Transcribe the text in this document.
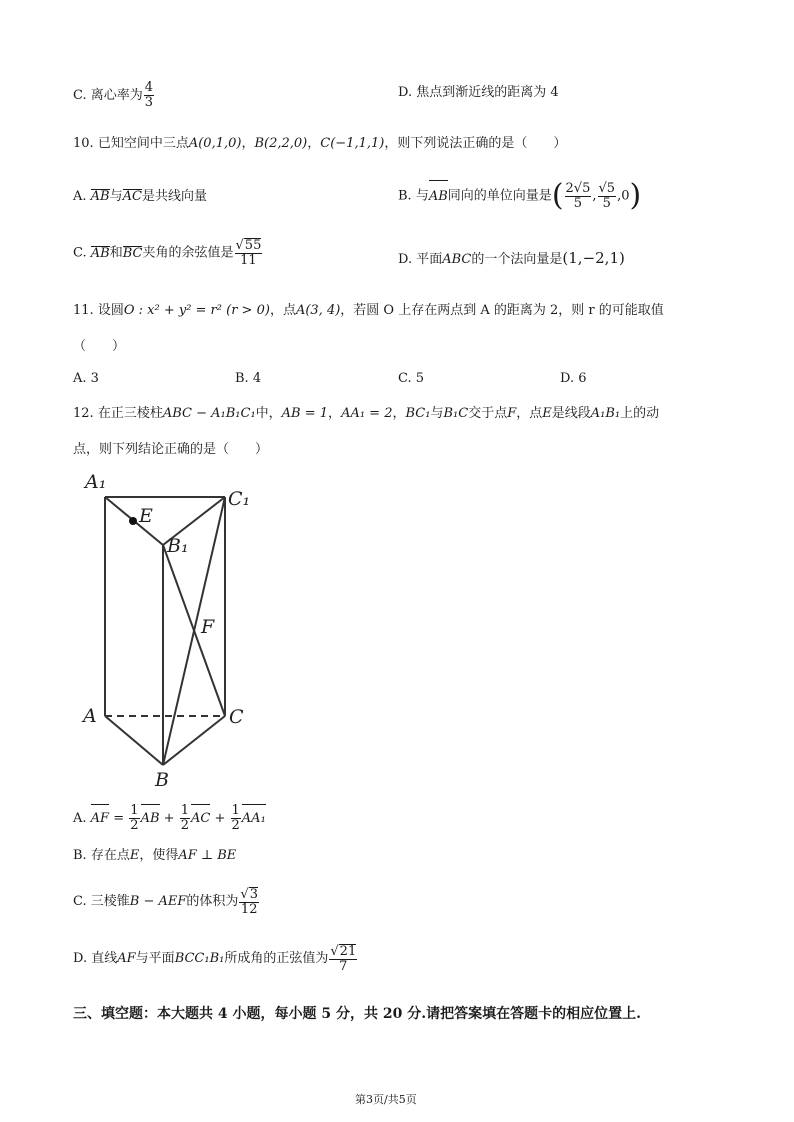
C. 离心率为 $\frac{4}{3}$	D. 焦点到渐近线的距离为 4
10. 已知空间中三点A(0,1,0)，B(2,2,0)，C(−1,1,1)，则下列说法正确的是（　　）
A. AB与AC是共线向量	B. 与AB同向的单位向量是( $\frac{2√5}{5}$ , $\frac{√5}{5} ,0$)
C. AB和BC夹角的余弦值是 $\frac{√55}{11}$	D. 平面ABC的一个法向量是(1,−2,1)
11. 设圆O : x² + y² = r² (r > 0)，点A(3, 4)，若圆 O 上存在两点到 A 的距离为 2，则 r 的可能取值
（　　）
A. 3	B. 4	C. 5	D. 6
12. 在正三棱柱ABC − A₁B₁C₁中，AB = 1，AA₁ = 2，BC₁与B₁C交于点F，点E是线段A₁B₁上的动
点，则下列结论正确的是（　　）
A₁
C₁
B₁
E
F
A	C
B
A. AF = $\frac{1}{2}$ AB + $\frac{1}{2}$ AC + $\frac{1}{2} AA_1$
B. 存在点E，使得AF ⊥ BE
C. 三棱锥B − AEF的体积为 $\frac{√3}{12}$
D. 直线AF与平面BCC₁B₁所成角的正弦值为 $\frac{√21}{7}$
三、填空题：本大题共 4 小题，每小题 5 分，共 20 分.请把答案填在答题卡的相应位置上.
第3页/共5页
